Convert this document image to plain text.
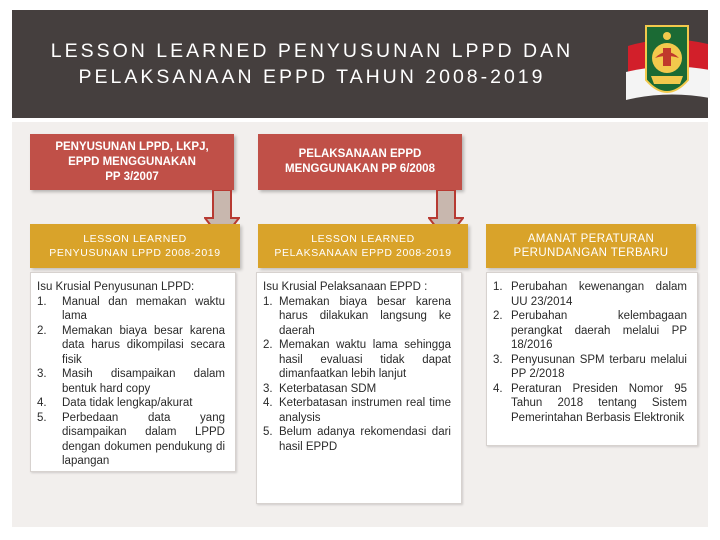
LESSON LEARNED PENYUSUNAN LPPD DAN
PELAKSANAAN EPPD TAHUN 2008-2019
PENYUSUNAN LPPD, LKPJ,
EPPD MENGGUNAKAN
PP 3/2007
LESSON LEARNED
PENYUSUNAN LPPD 2008-2019
Isu Krusial Penyusunan LPPD:
1.	Manual dan memakan waktu lama
2.	Memakan biaya besar karena data harus dikompilasi secara fisik
3.	Masih disampaikan dalam bentuk hard copy
4.	Data tidak lengkap/akurat
5.	Perbedaan data yang disampaikan dalam LPPD dengan dokumen pendukung di lapangan
PELAKSANAAN EPPD
MENGGUNAKAN PP 6/2008
LESSON LEARNED
PELAKSANAAN EPPD 2008-2019
Isu Krusial Pelaksanaan EPPD :
1. Memakan biaya besar karena harus dilakukan langsung ke daerah
2. Memakan waktu lama sehingga hasil evaluasi tidak dapat dimanfaatkan lebih lanjut
3. Keterbatasan SDM
4. Keterbatasan instrumen real time analysis
5. Belum adanya rekomendasi dari hasil EPPD
AMANAT PERATURAN
PERUNDANGAN TERBARU
1. Perubahan kewenangan dalam UU 23/2014
2. Perubahan kelembagaan perangkat daerah melalui PP 18/2016
3. Penyusunan SPM terbaru melalui PP 2/2018
4. Peraturan Presiden Nomor 95 Tahun 2018 tentang Sistem Pemerintahan Berbasis Elektronik
